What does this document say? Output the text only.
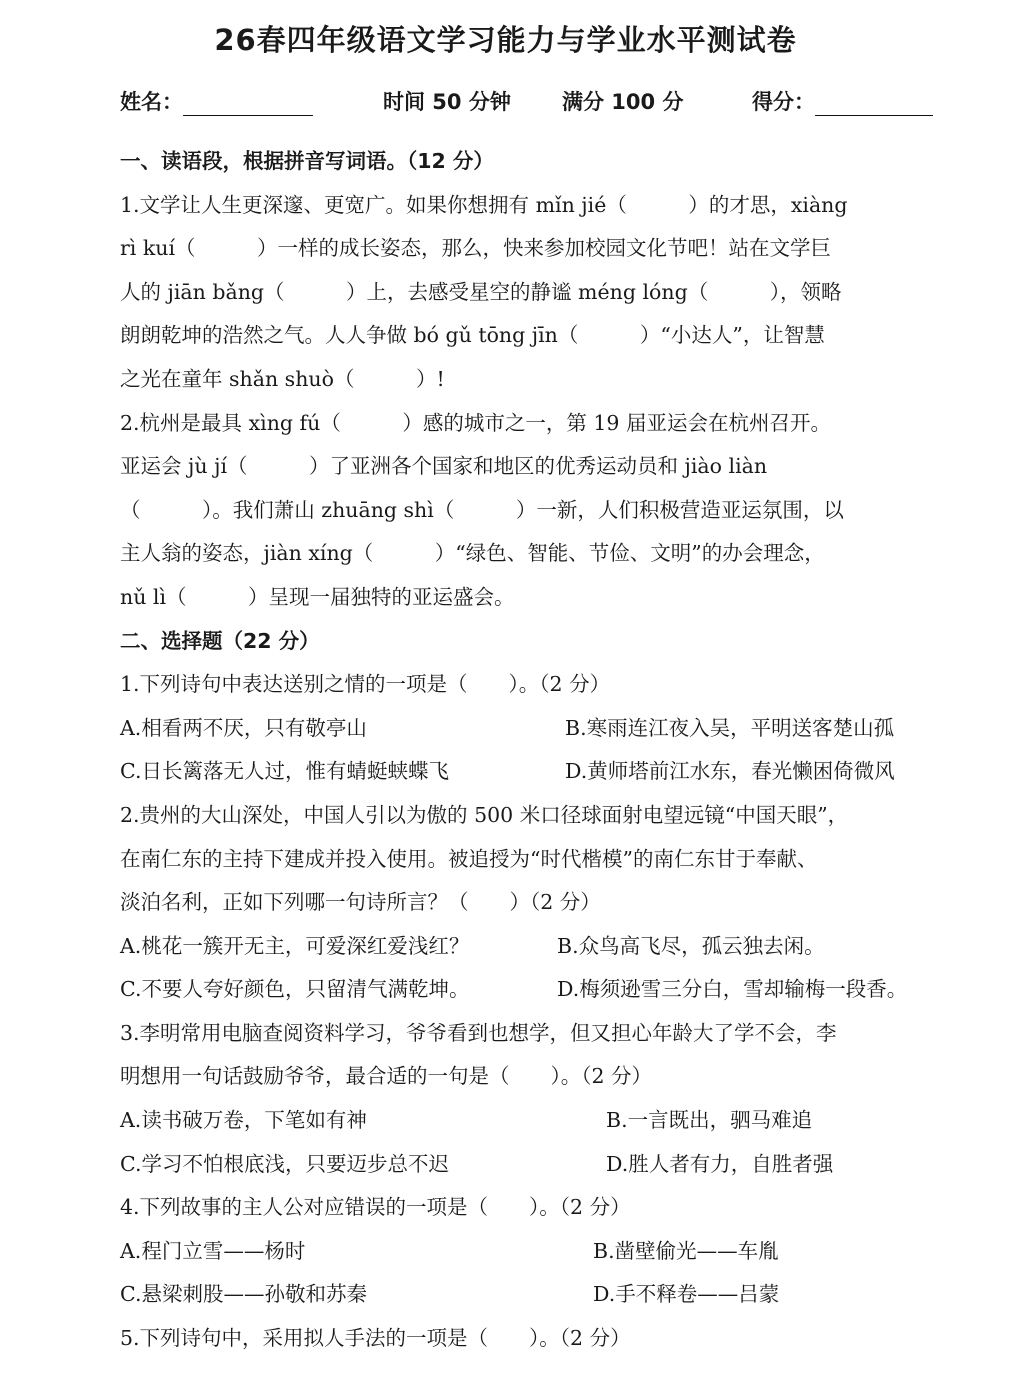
26春四年级语文学习能力与学业水平测试卷
姓名：	时间 50 分钟 满分 100 分	得分：
一、读语段，根据拼音写词语。（12 分）
1.文学让人生更深邃、更宽广。如果你想拥有 mǐn jié（　　　）的才思，xiàng
rì kuí（　　　）一样的成长姿态，那么，快来参加校园文化节吧！站在文学巨
人的 jiān bǎng（　　　）上，去感受星空的静谧 méng lóng（　　　），领略
朗朗乾坤的浩然之气。人人争做 bó gǔ tōng jīn（　　　）“小达人”，让智慧
之光在童年 shǎn shuò（　　　）!
2.杭州是最具 xìng fú（　　　）感的城市之一，第 19 届亚运会在杭州召开。
亚运会 jù jí（　　　）了亚洲各个国家和地区的优秀运动员和 jiào liàn
（　　　）。我们萧山 zhuāng shì（　　　）一新，人们积极营造亚运氛围，以
主人翁的姿态，jiàn xíng（　　　）“绿色、智能、节俭、文明”的办会理念，
nǔ lì（　　　）呈现一届独特的亚运盛会。
二、选择题（22 分）
1.下列诗句中表达送别之情的一项是（　　）。（2 分）
A.相看两不厌，只有敬亭山	B.寒雨连江夜入吴，平明送客楚山孤
C.日长篱落无人过，惟有蜻蜓蛱蝶飞	D.黄师塔前江水东，春光懒困倚微风
2.贵州的大山深处，中国人引以为傲的 500 米口径球面射电望远镜“中国天眼”，
在南仁东的主持下建成并投入使用。被追授为“时代楷模”的南仁东甘于奉献、
淡泊名利，正如下列哪一句诗所言？（　　）（2 分）
A.桃花一簇开无主，可爱深红爱浅红？	B.众鸟高飞尽，孤云独去闲。
C.不要人夸好颜色，只留清气满乾坤。	D.梅须逊雪三分白，雪却输梅一段香。
3.李明常用电脑查阅资料学习，爷爷看到也想学，但又担心年龄大了学不会，李
明想用一句话鼓励爷爷，最合适的一句是（　　）。（2 分）
A.读书破万卷，下笔如有神	B.一言既出，驷马难追
C.学习不怕根底浅，只要迈步总不迟	D.胜人者有力，自胜者强
4.下列故事的主人公对应错误的一项是（　　）。（2 分）
A.程门立雪——杨时	B.凿壁偷光——车胤
C.悬梁刺股——孙敬和苏秦	D.手不释卷——吕蒙
5.下列诗句中，采用拟人手法的一项是（　　）。（2 分）
